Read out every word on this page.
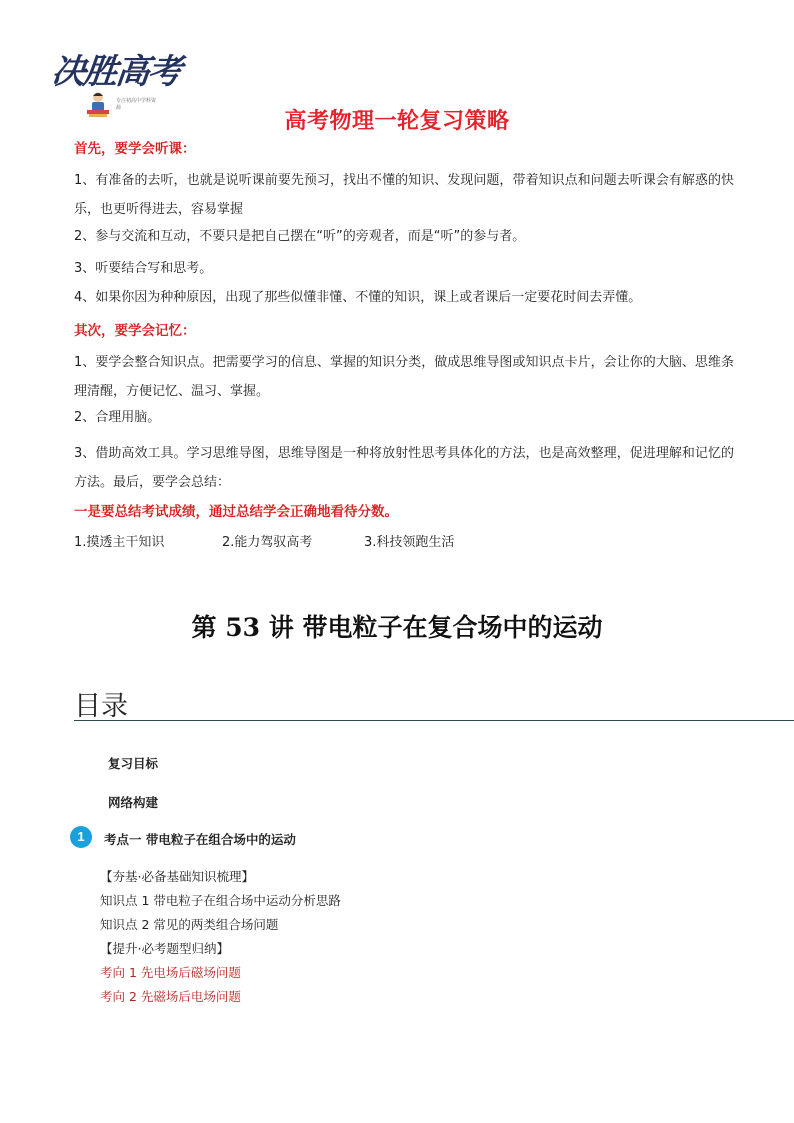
决胜高考
专注初高中学科资源
高考物理一轮复习策略
首先，要学会听课：
1、有准备的去听，也就是说听课前要先预习，找出不懂的知识、发现问题，带着知识点和问题去听课会有解惑的快乐，也更听得进去，容易掌握
2、参与交流和互动，不要只是把自己摆在“听”的旁观者，而是“听”的参与者。
3、听要结合写和思考。
4、如果你因为种种原因，出现了那些似懂非懂、不懂的知识，课上或者课后一定要花时间去弄懂。
其次，要学会记忆：
1、要学会整合知识点。把需要学习的信息、掌握的知识分类，做成思维导图或知识点卡片，会让你的大脑、思维条理清醒，方便记忆、温习、掌握。
2、合理用脑。
3、借助高效工具。学习思维导图，思维导图是一种将放射性思考具体化的方法，也是高效整理，促进理解和记忆的方法。最后，要学会总结：
一是要总结考试成绩，通过总结学会正确地看待分数。
1.摸透主干知识	2.能力驾驭高考	3.科技领跑生活
第 53 讲 带电粒子在复合场中的运动
目录
复习目标
网络构建
1	考点一 带电粒子在组合场中的运动
【夯基·必备基础知识梳理】
知识点 1 带电粒子在组合场中运动分析思路
知识点 2 常见的两类组合场问题
【提升·必考题型归纳】
考向 1 先电场后磁场问题
考向 2 先磁场后电场问题
